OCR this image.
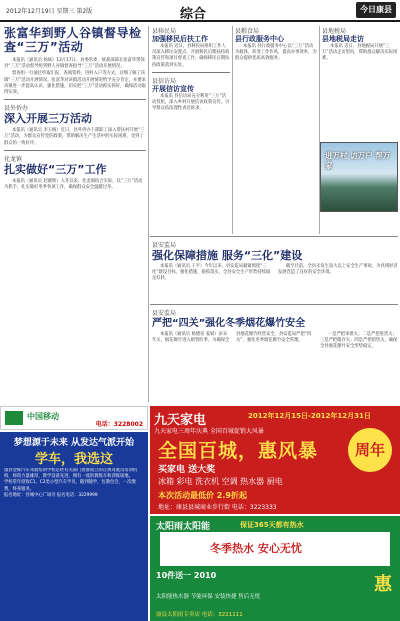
2012年12月19日 星期三 第2版	综合	今日康县
张富华到野人谷镇督导检查“三万”活动

本报讯（通讯员 杨斌）12月17日，县委常委、统战部部长张富华带领县“三万”活动督导组到野人谷镇督查指导“三万”活动开展情况。

督查组一行通过听取汇报、查阅资料、进村入户等方式，详细了解了该镇“三万”活动开展情况。张富华对该镇活动开展情况给予充分肯定，并要求该镇进一步提高认识、强化措施，切实把“三万”活动抓实抓好，确保活动取得实效。

县外侨办
深入开展三万活动

本报讯（通讯员 李玉梅）近日，县外侨办干部职工深入帮扶村开展“三万”活动，为群众宣传党的政策，帮助解决生产生活中的实际困难，受到了群众的一致好评。

化龙镇
扎实做好“三万”工作

本报讯（通讯员 赵晓辉）入冬以来，化龙镇结合实际，以“三万”活动为抓手，扎实做好冬季各项工作，确保群众安全温暖过冬。

县移民局
加强移民后扶工作

本报讯 近日，县移民局组织工作人员深入移民安置点，开展移民后期扶持政策宣传和项目督查工作，确保移民后期扶持政策落到实处。

县信访局
开展信访宣传

本报讯 县信访局充分利用“三万”活动契机，深入乡村开展信访政策宣传，引导群众依法理性表达诉求。

县粮食局
县行政服务中心

本报讯 县行政服务中心以“三万”活动为载体，转变工作作风，提高办事效率，为群众提供优质高效服务。

县地税局
县地税局走访

本报讯 近日，县地税局开展“三万”活动走访慰问，帮助群众解决实际困难。

进万村 访万户 帮万家
县安监局
强化保障措施 服务“三化”建设

本报讯（通讯员 王平）今年以来，县安监局紧紧围绕“三化”建设目标，强化措施，狠抓落实，全县安全生产形势持续稳定好转。

截至目前，全县未发生较大以上安全生产事故，为县域经济发展营造了良好的安全环境。

县安监局
严把“四关”强化冬季烟花爆竹安全

本报讯（通讯员 杨德泉 姜斌）岁末年关，烟花爆竹进入销售旺季。为确保全县烟花爆竹经营安全，县安监局严把“四关”，强化冬季烟花爆竹安全管理。

一是严把审批关；二是严把进货关；三是严把储存关；四是严把销售关，确保全县烟花爆竹安全形势稳定。

中国移动
电话：3228002
梦想源于未来 从发达气派开始
学车，我选这

康县金辉汽车驾驶培训学校是经有关部门批准成立的正规驾驶员培训机构，师资力量雄厚，教学设备先进，拥有一流的教练车和训练场地。

学校常年招收C1、C2类小型汽车学员，随到随学，包教包会，一次缴费，终身服务。

报名地址：县城中心广场旁 报名电话：3229999

九天家电	2012年12月15日-2012年12月31日
九天家电三周年庆典 全国百城促销大风暴
全国百城，惠风暴
买家电 送大奖
冰箱 彩电 洗衣机 空调 热水器 厨电
本次活动最低价 2.9折起
地址：康县县城商业步行街 电话：3223333
周年庆
太阳雨太阳能	保证365天都有热水
冬季热水 安心无忧
10件送一 2010	惠
太阳能热水器 节能环保 安装快捷 售后无忧
康县太阳雨专卖店 电话：3221111
